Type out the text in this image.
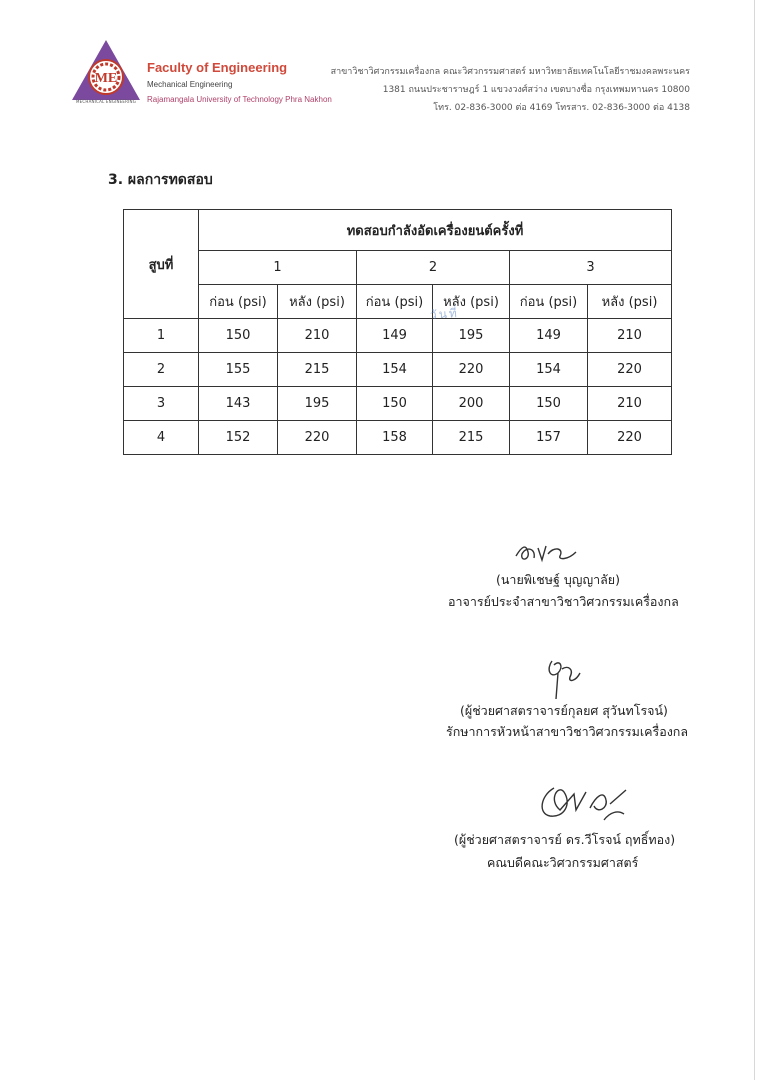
ME
MECHANICAL ENGINEERING
Faculty of Engineering
Mechanical Engineering
Rajamangala University of Technology Phra Nakhon
สาขาวิชาวิศวกรรมเครื่องกล คณะวิศวกรรมศาสตร์ มหาวิทยาลัยเทคโนโลยีราชมงคลพระนคร
1381 ถนนประชาราษฎร์ 1 แขวงวงศ์สว่าง เขตบางซื่อ กรุงเทพมหานคร 10800
โทร. 02-836-3000 ต่อ 4169 โทรสาร. 02-836-3000 ต่อ 4138
3. ผลการทดสอบ
สูบที่	ทดสอบกำลังอัดเครื่องยนต์ครั้งที่					
	1		2		3	
	ก่อน (psi)	หลัง (psi)	ก่อน (psi)	หลัง (psi)	ก่อน (psi)	หลัง (psi)
1	150	210	149	195	149	210
2	155	215	154	220	154	220
3	143	195	150	200	150	210
4	152	220	158	215	157	220
วันที่
(นายพิเชษฐ์ บุญญาลัย)
อาจารย์ประจำสาขาวิชาวิศวกรรมเครื่องกล
(ผู้ช่วยศาสตราจารย์กุลยศ สุวันทโรจน์)
รักษาการหัวหน้าสาขาวิชาวิศวกรรมเครื่องกล
(ผู้ช่วยศาสตราจารย์ ดร.วีโรจน์ ฤทธิ์ทอง)
คณบดีคณะวิศวกรรมศาสตร์
